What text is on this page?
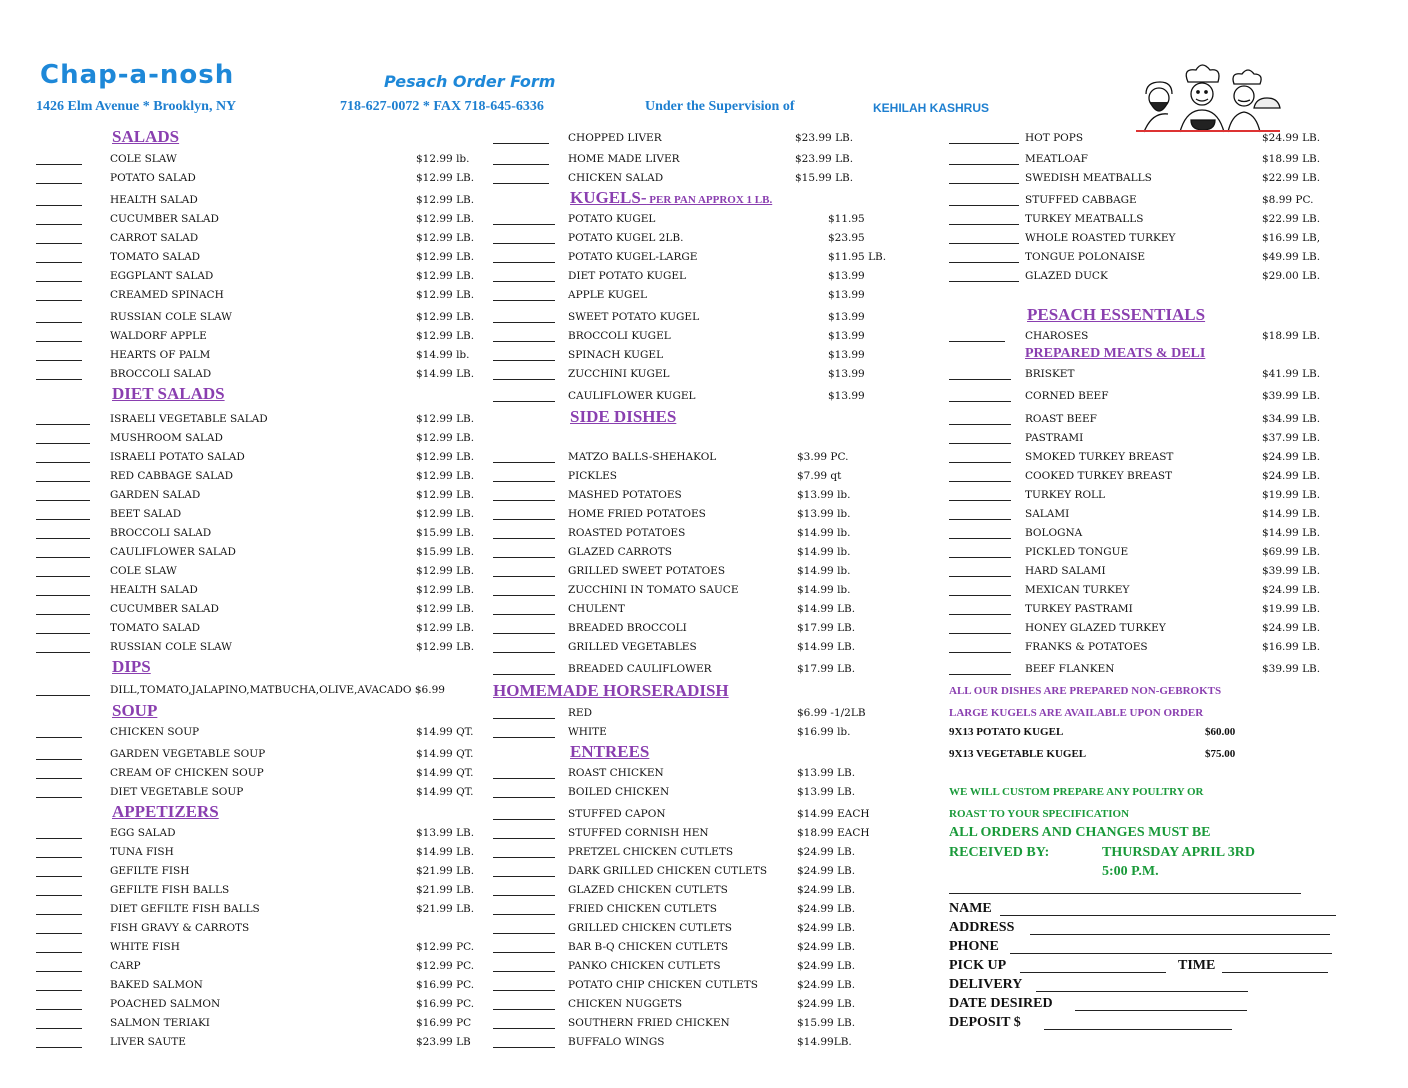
Chap-a-nosh	Pesach Order Form
1426 Elm Avenue * Brooklyn, NY	718-627-0072 * FAX 718-645-6336	Under the Supervision of	KEHILAH KASHRUS
SALADS
COLE SLAW	$12.99 lb.
POTATO SALAD	$12.99 LB.
HEALTH SALAD	$12.99 LB.
CUCUMBER SALAD	$12.99 LB.
CARROT SALAD	$12.99 LB.
TOMATO SALAD	$12.99 LB.
EGGPLANT SALAD	$12.99 LB.
CREAMED SPINACH	$12.99 LB.
RUSSIAN COLE SLAW	$12.99 LB.
WALDORF APPLE	$12.99 LB.
HEARTS OF PALM	$14.99 lb.
BROCCOLI SALAD	$14.99 LB.
DIET SALADS
ISRAELI VEGETABLE SALAD	$12.99 LB.
MUSHROOM SALAD	$12.99 LB.
ISRAELI POTATO SALAD	$12.99 LB.
RED CABBAGE SALAD	$12.99 LB.
GARDEN SALAD	$12.99 LB.
BEET SALAD	$12.99 LB.
BROCCOLI SALAD	$15.99 LB.
CAULIFLOWER SALAD	$15.99 LB.
COLE SLAW	$12.99 LB.
HEALTH SALAD	$12.99 LB.
CUCUMBER SALAD	$12.99 LB.
TOMATO SALAD	$12.99 LB.
RUSSIAN COLE SLAW	$12.99 LB.
DIPS
DILL,TOMATO,JALAPINO,MATBUCHA,OLIVE,AVACADO $6.99
SOUP
CHICKEN SOUP	$14.99 QT.
GARDEN VEGETABLE SOUP	$14.99 QT.
CREAM OF CHICKEN SOUP	$14.99 QT.
DIET VEGETABLE SOUP	$14.99 QT.
APPETIZERS
EGG SALAD	$13.99 LB.
TUNA FISH	$14.99 LB.
GEFILTE FISH	$21.99 LB.
GEFILTE FISH BALLS	$21.99 LB.
DIET GEFILTE FISH BALLS	$21.99 LB.
FISH GRAVY & CARROTS
WHITE FISH	$12.99 PC.
CARP	$12.99 PC.
BAKED SALMON	$16.99 PC.
POACHED SALMON	$16.99 PC.
SALMON TERIAKI	$16.99 PC
LIVER SAUTE	$23.99 LB
CHOPPED LIVER	$23.99 LB.
HOME MADE LIVER	$23.99 LB.
CHICKEN SALAD	$15.99 LB.
KUGELS- PER PAN APPROX 1 LB.
POTATO KUGEL	$11.95
POTATO KUGEL 2LB.	$23.95
POTATO KUGEL-LARGE	$11.95 LB.
DIET POTATO KUGEL	$13.99
APPLE KUGEL	$13.99
SWEET POTATO KUGEL	$13.99
BROCCOLI KUGEL	$13.99
SPINACH KUGEL	$13.99
ZUCCHINI KUGEL	$13.99
CAULIFLOWER KUGEL	$13.99
SIDE DISHES
MATZO BALLS-SHEHAKOL	$3.99 PC.
PICKLES	$7.99 qt
MASHED POTATOES	$13.99 lb.
HOME FRIED POTATOES	$13.99 lb.
ROASTED POTATOES	$14.99 lb.
GLAZED CARROTS	$14.99 lb.
GRILLED SWEET POTATOES	$14.99 lb.
ZUCCHINI IN TOMATO SAUCE	$14.99 lb.
CHULENT	$14.99 LB.
BREADED BROCCOLI	$17.99 LB.
GRILLED VEGETABLES	$14.99 LB.
BREADED CAULIFLOWER	$17.99 LB.
HOMEMADE HORSERADISH
RED	$6.99 -1/2LB
WHITE	$16.99 lb.
ENTREES
ROAST CHICKEN	$13.99 LB.
BOILED CHICKEN	$13.99 LB.
STUFFED CAPON	$14.99 EACH
STUFFED CORNISH HEN	$18.99 EACH
PRETZEL CHICKEN CUTLETS	$24.99 LB.
DARK GRILLED CHICKEN CUTLETS	$24.99 LB.
GLAZED CHICKEN CUTLETS	$24.99 LB.
FRIED CHICKEN CUTLETS	$24.99 LB.
GRILLED CHICKEN CUTLETS	$24.99 LB.
BAR B-Q CHICKEN CUTLETS	$24.99 LB.
PANKO CHICKEN CUTLETS	$24.99 LB.
POTATO CHIP CHICKEN CUTLETS	$24.99 LB.
CHICKEN NUGGETS	$24.99 LB.
SOUTHERN FRIED CHICKEN	$15.99 LB.
BUFFALO WINGS	$14.99LB.
HOT POPS	$24.99 LB.
MEATLOAF	$18.99 LB.
SWEDISH MEATBALLS	$22.99 LB.
STUFFED CABBAGE	$8.99 PC.
TURKEY MEATBALLS	$22.99 LB.
WHOLE ROASTED TURKEY	$16.99 LB,
TONGUE POLONAISE	$49.99 LB.
GLAZED DUCK	$29.00 LB.
PESACH ESSENTIALS
CHAROSES	$18.99 LB.
PREPARED MEATS & DELI
BRISKET	$41.99 LB.
CORNED BEEF	$39.99 LB.
ROAST BEEF	$34.99 LB.
PASTRAMI	$37.99 LB.
SMOKED TURKEY BREAST	$24.99 LB.
COOKED TURKEY BREAST	$24.99 LB.
TURKEY ROLL	$19.99 LB.
SALAMI	$14.99 LB.
BOLOGNA	$14.99 LB.
PICKLED TONGUE	$69.99 LB.
HARD SALAMI	$39.99 LB.
MEXICAN TURKEY	$24.99 LB.
TURKEY PASTRAMI	$19.99 LB.
HONEY GLAZED TURKEY	$24.99 LB.
FRANKS & POTATOES	$16.99 LB.
BEEF FLANKEN	$39.99 LB.
ALL OUR DISHES ARE PREPARED NON-GEBROKTS
LARGE KUGELS ARE AVAILABLE UPON ORDER
9X13 POTATO KUGEL	$60.00
9X13 VEGETABLE KUGEL	$75.00
WE WILL CUSTOM PREPARE ANY POULTRY OR
ROAST TO YOUR SPECIFICATION
ALL ORDERS AND CHANGES MUST BE
RECEIVED BY:	THURSDAY APRIL 3RD
5:00 P.M.
NAME
ADDRESS
PHONE
PICK UP	TIME
DELIVERY
DATE DESIRED
DEPOSIT $
